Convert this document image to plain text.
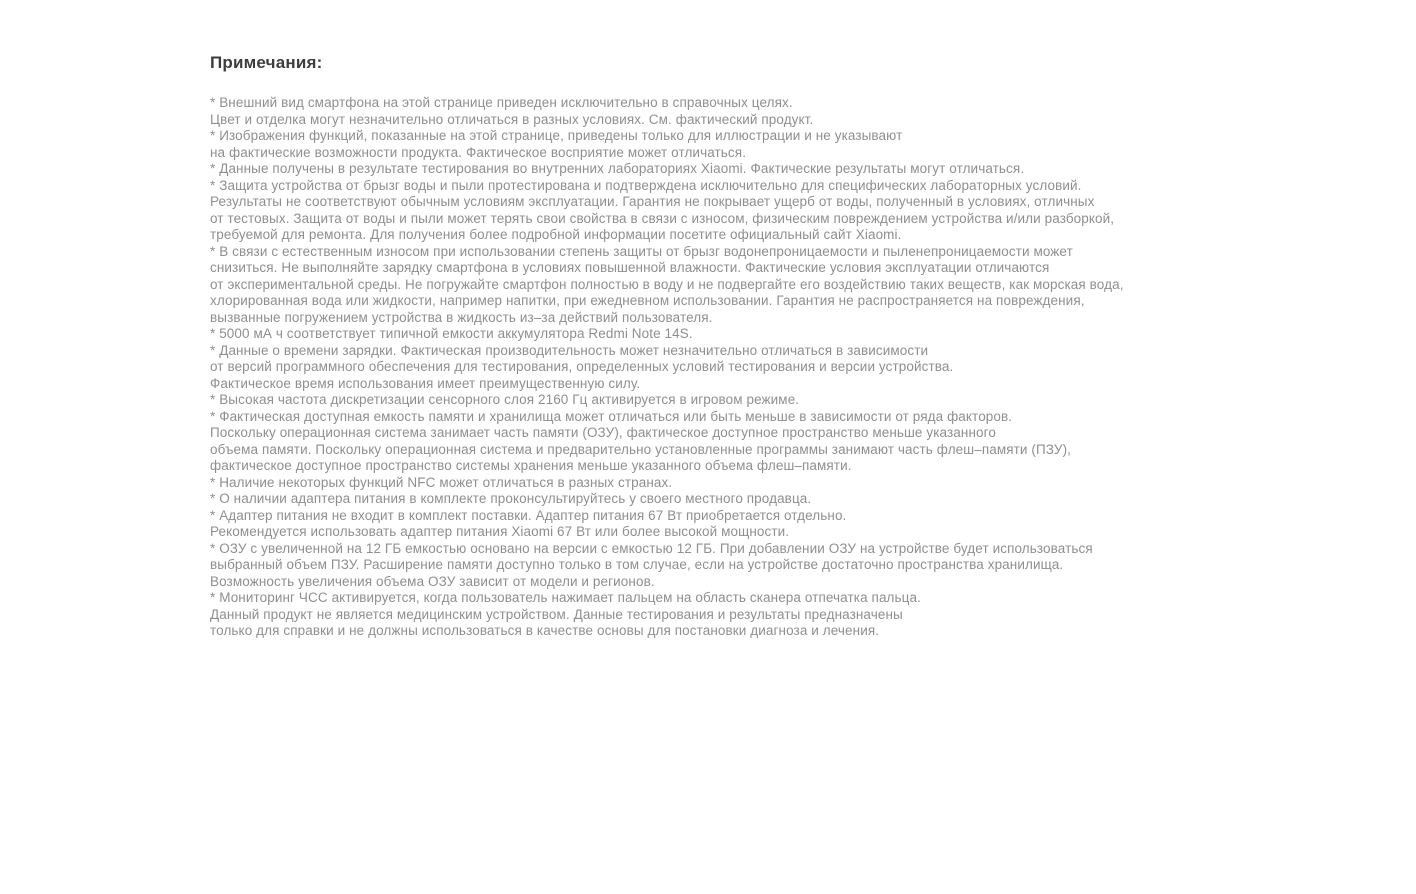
Примечания:
* Внешний вид смартфона на этой странице приведен исключительно в справочных целях.
Цвет и отделка могут незначительно отличаться в разных условиях. См. фактический продукт.
* Изображения функций, показанные на этой странице, приведены только для иллюстрации и не указывают
на фактические возможности продукта. Фактическое восприятие может отличаться.
* Данные получены в результате тестирования во внутренних лабораториях Xiaomi. Фактические результаты могут отличаться.
* Защита устройства от брызг воды и пыли протестирована и подтверждена исключительно для специфических лабораторных условий.
Результаты не соответствуют обычным условиям эксплуатации. Гарантия не покрывает ущерб от воды, полученный в условиях, отличных
от тестовых. Защита от воды и пыли может терять свои свойства в связи с износом, физическим повреждением устройства и/или разборкой,
требуемой для ремонта. Для получения более подробной информации посетите официальный сайт Xiaomi.
* В связи с естественным износом при использовании степень защиты от брызг водонепроницаемости и пыленепроницаемости может
снизиться. Не выполняйте зарядку смартфона в условиях повышенной влажности. Фактические условия эксплуатации отличаются
от экспериментальной среды. Не погружайте смартфон полностью в воду и не подвергайте его воздействию таких веществ, как морская вода,
хлорированная вода или жидкости, например напитки, при ежедневном использовании. Гарантия не распространяется на повреждения,
вызванные погружением устройства в жидкость из–за действий пользователя.
* 5000 мА ч соответствует типичной емкости аккумулятора Redmi Note 14S.
* Данные о времени зарядки. Фактическая производительность может незначительно отличаться в зависимости
от версий программного обеспечения для тестирования, определенных условий тестирования и версии устройства.
Фактическое время использования имеет преимущественную силу.
* Высокая частота дискретизации сенсорного слоя 2160 Гц активируется в игровом режиме.
* Фактическая доступная емкость памяти и хранилища может отличаться или быть меньше в зависимости от ряда факторов.
Поскольку операционная система занимает часть памяти (ОЗУ), фактическое доступное пространство меньше указанного
объема памяти. Поскольку операционная система и предварительно установленные программы занимают часть флеш–памяти (ПЗУ),
фактическое доступное пространство системы хранения меньше указанного объема флеш–памяти.
* Наличие некоторых функций NFC может отличаться в разных странах.
* О наличии адаптера питания в комплекте проконсультируйтесь у своего местного продавца.
* Адаптер питания не входит в комплект поставки. Адаптер питания 67 Вт приобретается отдельно.
Рекомендуется использовать адаптер питания Xiaomi 67 Вт или более высокой мощности.
* ОЗУ с увеличенной на 12 ГБ емкостью основано на версии с емкостью 12 ГБ. При добавлении ОЗУ на устройстве будет использоваться
выбранный объем ПЗУ. Расширение памяти доступно только в том случае, если на устройстве достаточно пространства хранилища.
Возможность увеличения объема ОЗУ зависит от модели и регионов.
* Мониторинг ЧСС активируется, когда пользователь нажимает пальцем на область сканера отпечатка пальца.
Данный продукт не является медицинским устройством. Данные тестирования и результаты предназначены
только для справки и не должны использоваться в качестве основы для постановки диагноза и лечения.
